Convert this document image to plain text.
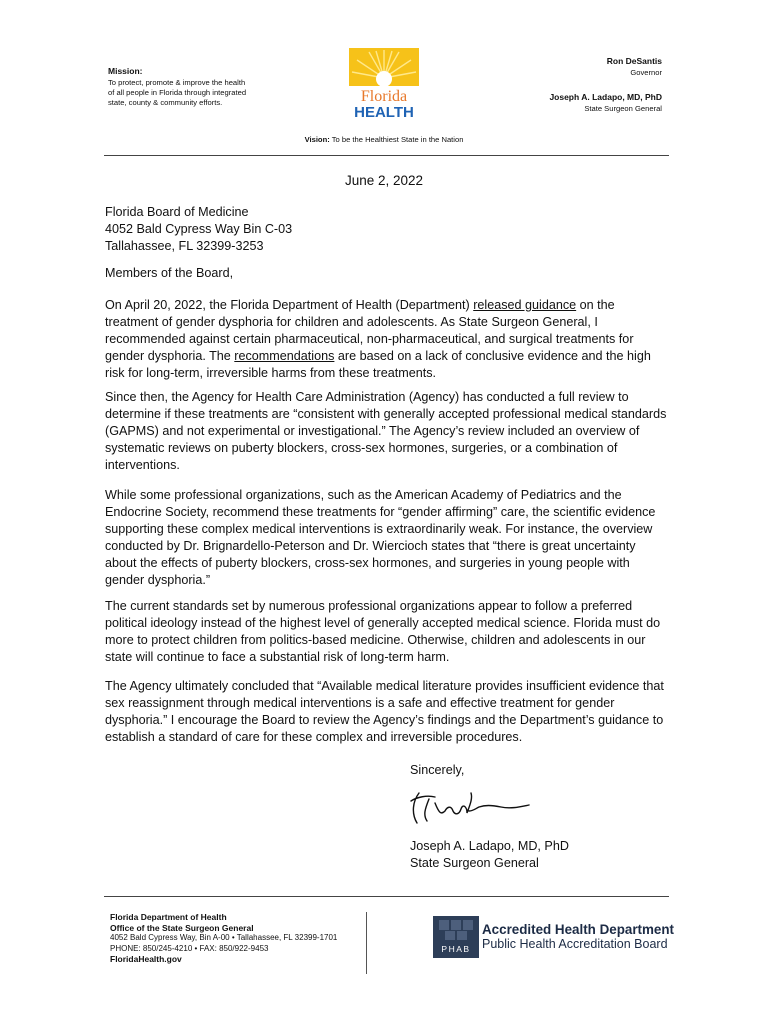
Mission:
To protect, promote & improve the health
of all people in Florida through integrated
state, county & community efforts.	Florida
HEALTH
Ron DeSantis
Governor
Joseph A. Ladapo, MD, PhD
State Surgeon General
Vision: To be the Healthiest State in the Nation
June 2, 2022
Florida Board of Medicine
4052 Bald Cypress Way Bin C-03
Tallahassee, FL 32399-3253
Members of the Board,

On April 20, 2022, the Florida Department of Health (Department) released guidance on the treatment of gender dysphoria for children and adolescents. As State Surgeon General, I recommended against certain pharmaceutical, non-pharmaceutical, and surgical treatments for gender dysphoria. The recommendations are based on a lack of conclusive evidence and the high risk for long-term, irreversible harms from these treatments.

Since then, the Agency for Health Care Administration (Agency) has conducted a full review to determine if these treatments are “consistent with generally accepted professional medical standards (GAPMS) and not experimental or investigational.” The Agency’s review included an overview of systematic reviews on puberty blockers, cross-sex hormones, surgeries, or a combination of interventions.

While some professional organizations, such as the American Academy of Pediatrics and the Endocrine Society, recommend these treatments for “gender affirming” care, the scientific evidence supporting these complex medical interventions is extraordinarily weak. For instance, the overview conducted by Dr. Brignardello-Peterson and Dr. Wiercioch states that “there is great uncertainty about the effects of puberty blockers, cross-sex hormones, and surgeries in young people with gender dysphoria.”

The current standards set by numerous professional organizations appear to follow a preferred political ideology instead of the highest level of generally accepted medical science. Florida must do more to protect children from politics-based medicine. Otherwise, children and adolescents in our state will continue to face a substantial risk of long-term harm.

The Agency ultimately concluded that “Available medical literature provides insufficient evidence that sex reassignment through medical interventions is a safe and effective treatment for gender dysphoria.” I encourage the Board to review the Agency’s findings and the Department’s guidance to establish a standard of care for these complex and irreversible procedures.

Sincerely,
Joseph A. Ladapo, MD, PhD
State Surgeon General
Florida Department of Health
Office of the State Surgeon General
4052 Bald Cypress Way, Bin A-00 • Tallahassee, FL 32399-1701
PHONE: 850/245-4210 • FAX: 850/922-9453
FloridaHealth.gov
PHAB
Accredited Health Department
Public Health Accreditation Board
